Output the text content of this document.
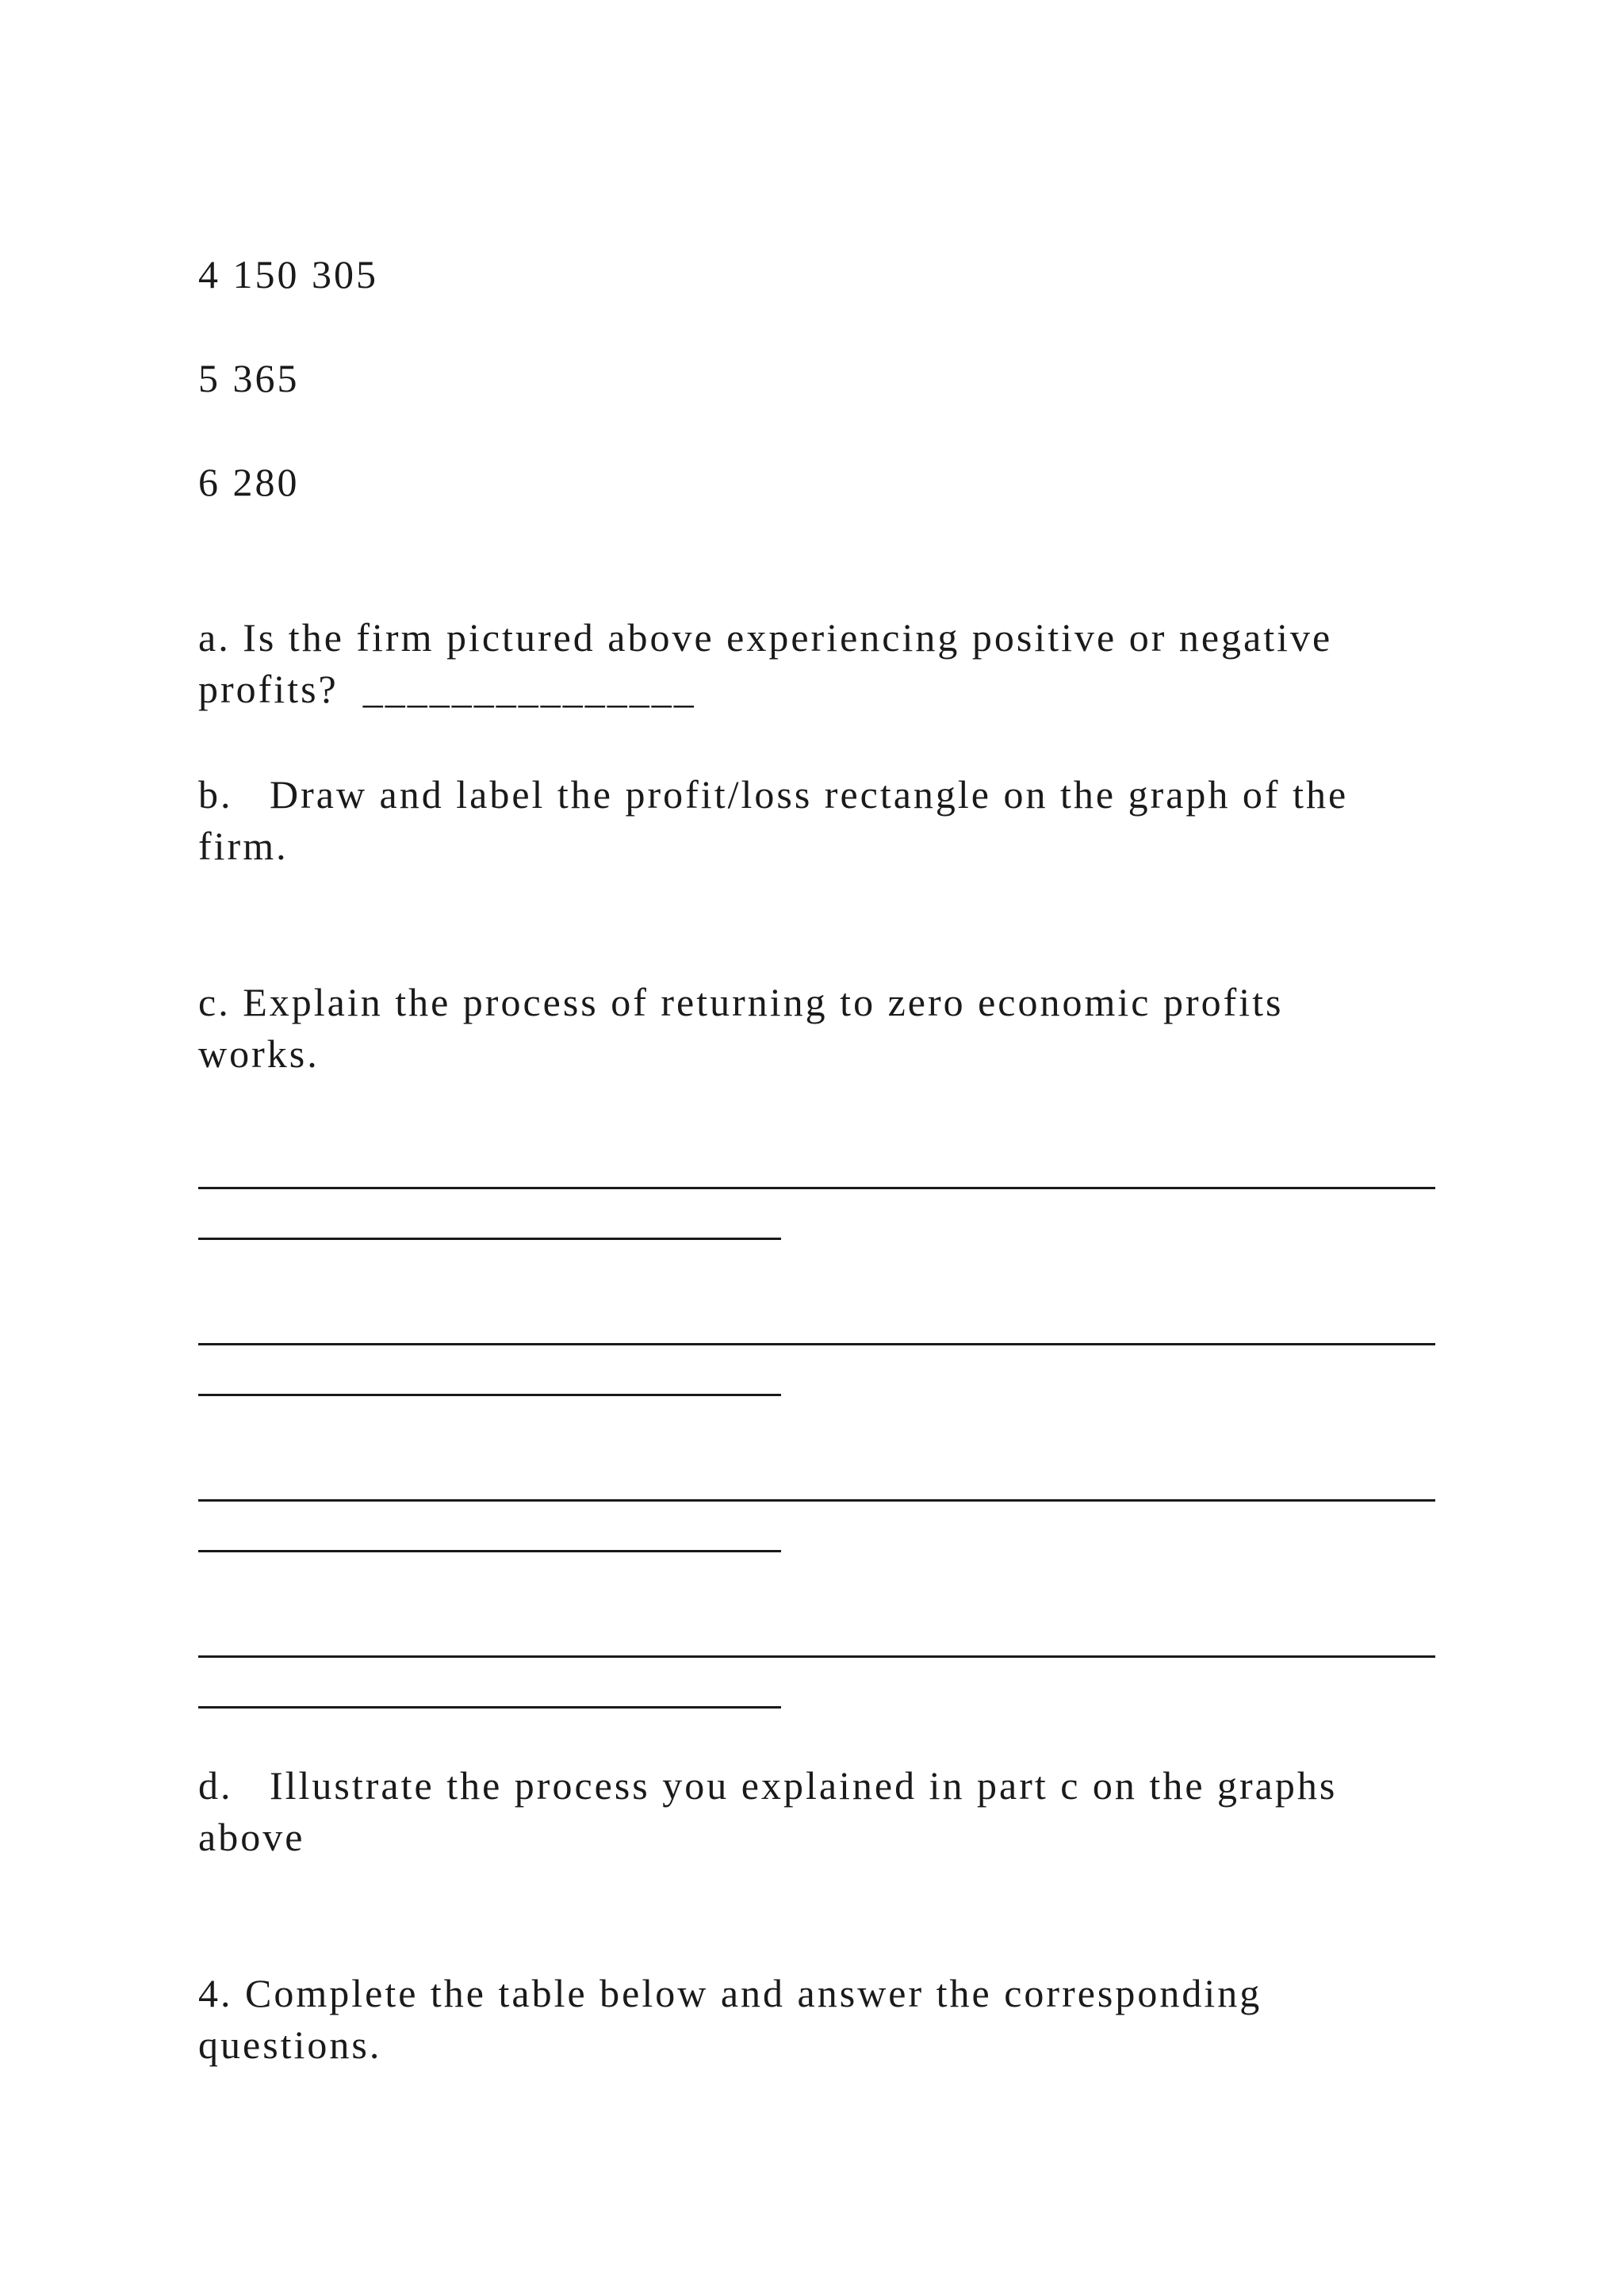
4 150 305
5 365
6 280
a. Is the firm pictured above experiencing positive or negative
profits?  _______________
b.   Draw and label the profit/loss rectangle on the graph of the
firm.
c. Explain the process of returning to zero economic profits
works.
d.   Illustrate the process you explained in part c on the graphs
above
4. Complete the table below and answer the corresponding
questions.
